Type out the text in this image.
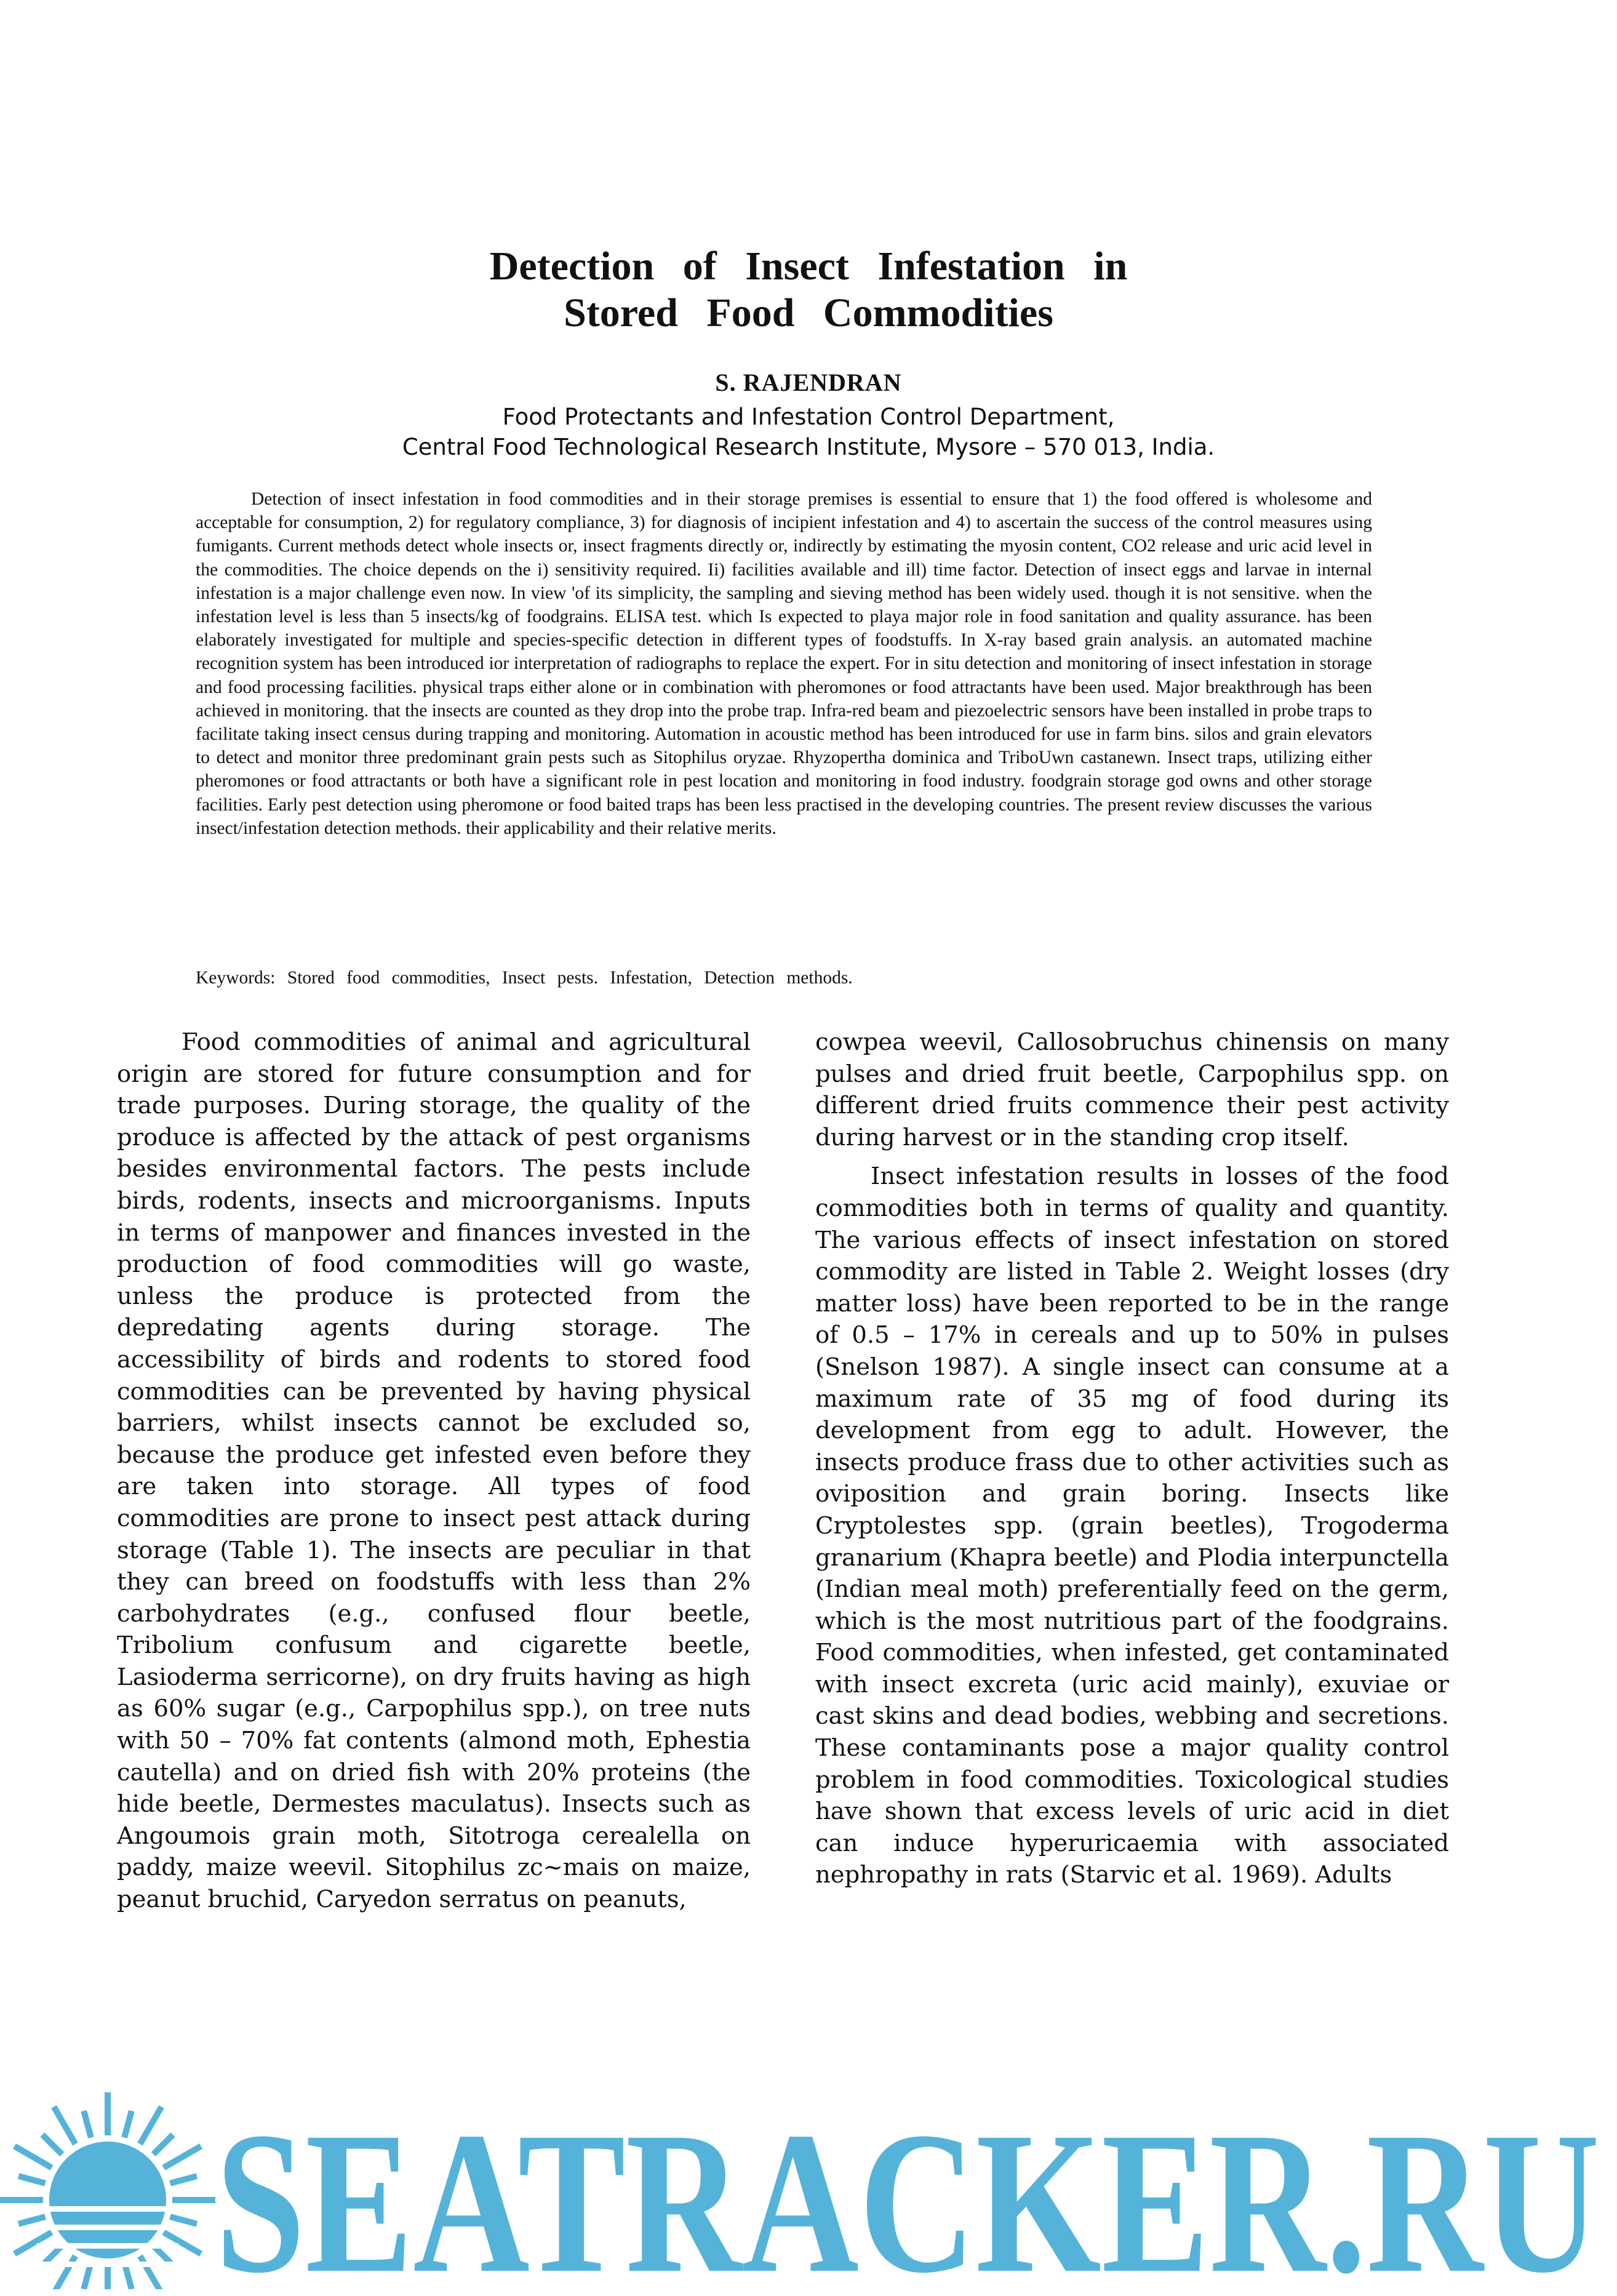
Detection of Insect Infestation in
Stored Food Commodities
S. RAJENDRAN
Food Protectants and Infestation Control Department,
Central Food Technological Research Institute, Mysore – 570 013, India.

Detection of insect infestation in food commodities and in their storage premises is essential to ensure that 1) the food offered is wholesome and acceptable for consumption, 2) for regulatory compliance, 3) for diagnosis of incipient infestation and 4) to ascertain the success of the control measures using fumigants. Current methods detect whole insects or, insect fragments directly or, indirectly by estimating the myosin content, CO2 release and uric acid level in the commodities. The choice depends on the i) sensitivity required. Ii) facilities available and ill) time factor. Detection of insect eggs and larvae in internal infestation is a major challenge even now. In view 'of its simplicity, the sampling and sieving method has been widely used. though it is not sensitive. when the infestation level is less than 5 insects/kg of foodgrains. ELISA test. which Is expected to playa major role in food sanitation and quality assurance. has been elaborately investigated for multiple and species-specific detection in different types of foodstuffs. In X-ray based grain analysis. an automated machine recognition system has been introduced ior interpretation of radiographs to replace the expert. For in situ detection and monitoring of insect infestation in storage and food processing facilities. physical traps either alone or in combination with pheromones or food attractants have been used. Major breakthrough has been achieved in monitoring. that the insects are counted as they drop into the probe trap. Infra-red beam and piezoelectric sensors have been installed in probe traps to facilitate taking insect census during trapping and monitoring. Automation in acoustic method has been introduced for use in farm bins. silos and grain elevators to detect and monitor three predominant grain pests such as Sitophilus oryzae. Rhyzopertha dominica and TriboUwn castanewn. Insect traps, utilizing either pheromones or food attractants or both have a significant role in pest location and monitoring in food industry. foodgrain storage god owns and other storage facilities. Early pest detection using pheromone or food baited traps has been less practised in the developing countries. The present review discusses the various insect/infestation detection methods. their applicability and their relative merits.

Keywords: Stored food commodities, Insect pests. Infestation, Detection methods.

Food commodities of animal and agricultural origin are stored for future consumption and for trade purposes. During storage, the quality of the produce is affected by the attack of pest organisms besides environmental factors. The pests include birds, rodents, insects and microorganisms. Inputs in terms of manpower and finances invested in the production of food commodities will go waste, unless the produce is protected from the depredating agents during storage. The accessibility of birds and rodents to stored food commodities can be prevented by having physical barriers, whilst insects cannot be excluded so, because the produce get infested even before they are taken into storage. All types of food commodities are prone to insect pest attack during storage (Table 1). The insects are peculiar in that they can breed on foodstuffs with less than 2% carbohydrates (e.g., confused flour beetle, Tribolium confusum and cigarette beetle, Lasioderma serricorne), on dry fruits having as high as 60% sugar (e.g., Carpophilus spp.), on tree nuts with 50 – 70% fat contents (almond moth, Ephestia cautella) and on dried fish with 20% proteins (the hide beetle, Dermestes maculatus). Insects such as Angoumois grain moth, Sitotroga cerealella on paddy, maize weevil. Sitophilus zc~mais on maize, peanut bruchid, Caryedon serratus on peanuts,

cowpea weevil, Callosobruchus chinensis on many pulses and dried fruit beetle, Carpophilus spp. on different dried fruits commence their pest activity during harvest or in the standing crop itself.

Insect infestation results in losses of the food commodities both in terms of quality and quantity. The various effects of insect infestation on stored commodity are listed in Table 2. Weight losses (dry matter loss) have been reported to be in the range of 0.5 – 17% in cereals and up to 50% in pulses (Snelson 1987). A single insect can consume at a maximum rate of 35 mg of food during its development from egg to adult. However, the insects produce frass due to other activities such as oviposition and grain boring. Insects like Cryptolestes spp. (grain beetles), Trogoderma granarium (Khapra beetle) and Plodia interpunctella (Indian meal moth) preferentially feed on the germ, which is the most nutritious part of the foodgrains. Food commodities, when infested, get contaminated with insect excreta (uric acid mainly), exuviae or cast skins and dead bodies, webbing and secretions. These contaminants pose a major quality control problem in food commodities. Toxicological studies have shown that excess levels of uric acid in diet can induce hyperuricaemia with associated nephropathy in rats (Starvic et al. 1969). Adults

SEATRACKER.RU
